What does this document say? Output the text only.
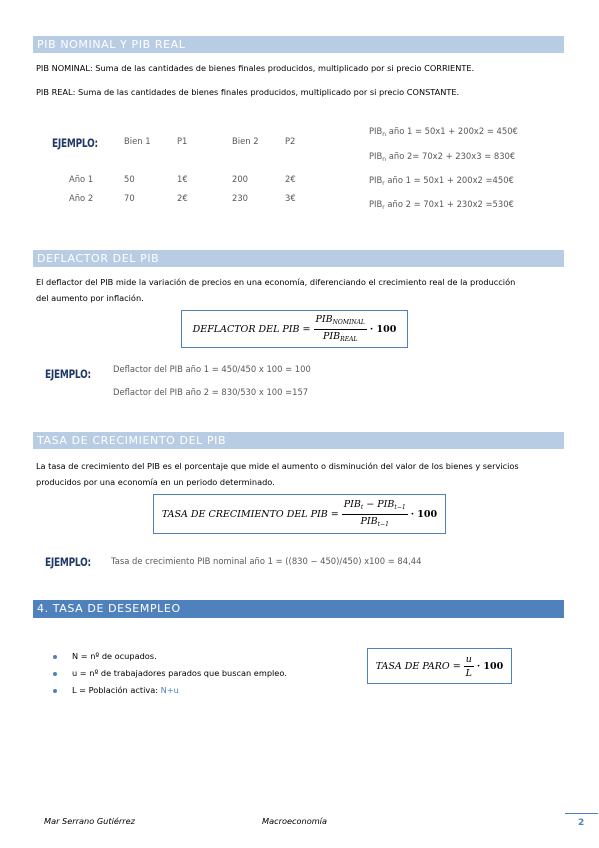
PIB NOMINAL Y PIB REAL
PIB NOMINAL: Suma de las cantidades de bienes finales producidos, multiplicado por si precio CORRIENTE.
PIB REAL: Suma de las cantidades de bienes finales producidos, multiplicado por si precio CONSTANTE.
EJEMPLO:	Bien 1	P1	Bien 2	P2
Año 1	50	1€	200	2€
Año 2	70	2€	230	3€
$PIB_n$ año 1 = 50x1 + 200x2 = 450€
$PIB_n$ año 2= 70x2 + 230x3 = 830€
$PIB_r$ año 1 = 50x1 + 200x2 =450€
$PIB_r$ año 2 = 70x1 + 230x2 =530€
DEFLACTOR DEL PIB
El deflactor del PIB mide la variación de precios en una economía, diferenciando el crecimiento real de la producción
del aumento por inflación.
DEFLACTOR DEL PIB = $\frac{PIB_{NOMINAL}}{PIB_{REAL}} \cdot 100$
EJEMPLO:	Deflactor del PIB año 1 = 450/450 x 100 = 100
Deflactor del PIB año 2 = 830/530 x 100 =157
TASA DE CRECIMIENTO DEL PIB
La tasa de crecimiento del PIB es el porcentaje que mide el aumento o disminución del valor de los bienes y servicios
producidos por una economía en un periodo determinado.
TASA DE CRECIMIENTO DEL PIB = $\frac{PIB_t - PIB_{t-1}}{PIB_{t-1}} \cdot 100$
EJEMPLO: Tasa de crecimiento PIB nominal año 1 = ((830 − 450)/450) x100 = 84,44
4. TASA DE DESEMPLEO
N = nº de ocupados.
u = nº de trabajadores parados que buscan empleo.
L = Población activa: N+u
TASA DE PARO = $\frac{u}{L} \cdot 100$
Mar Serrano Gutiérrez	Macroeconomía	2
